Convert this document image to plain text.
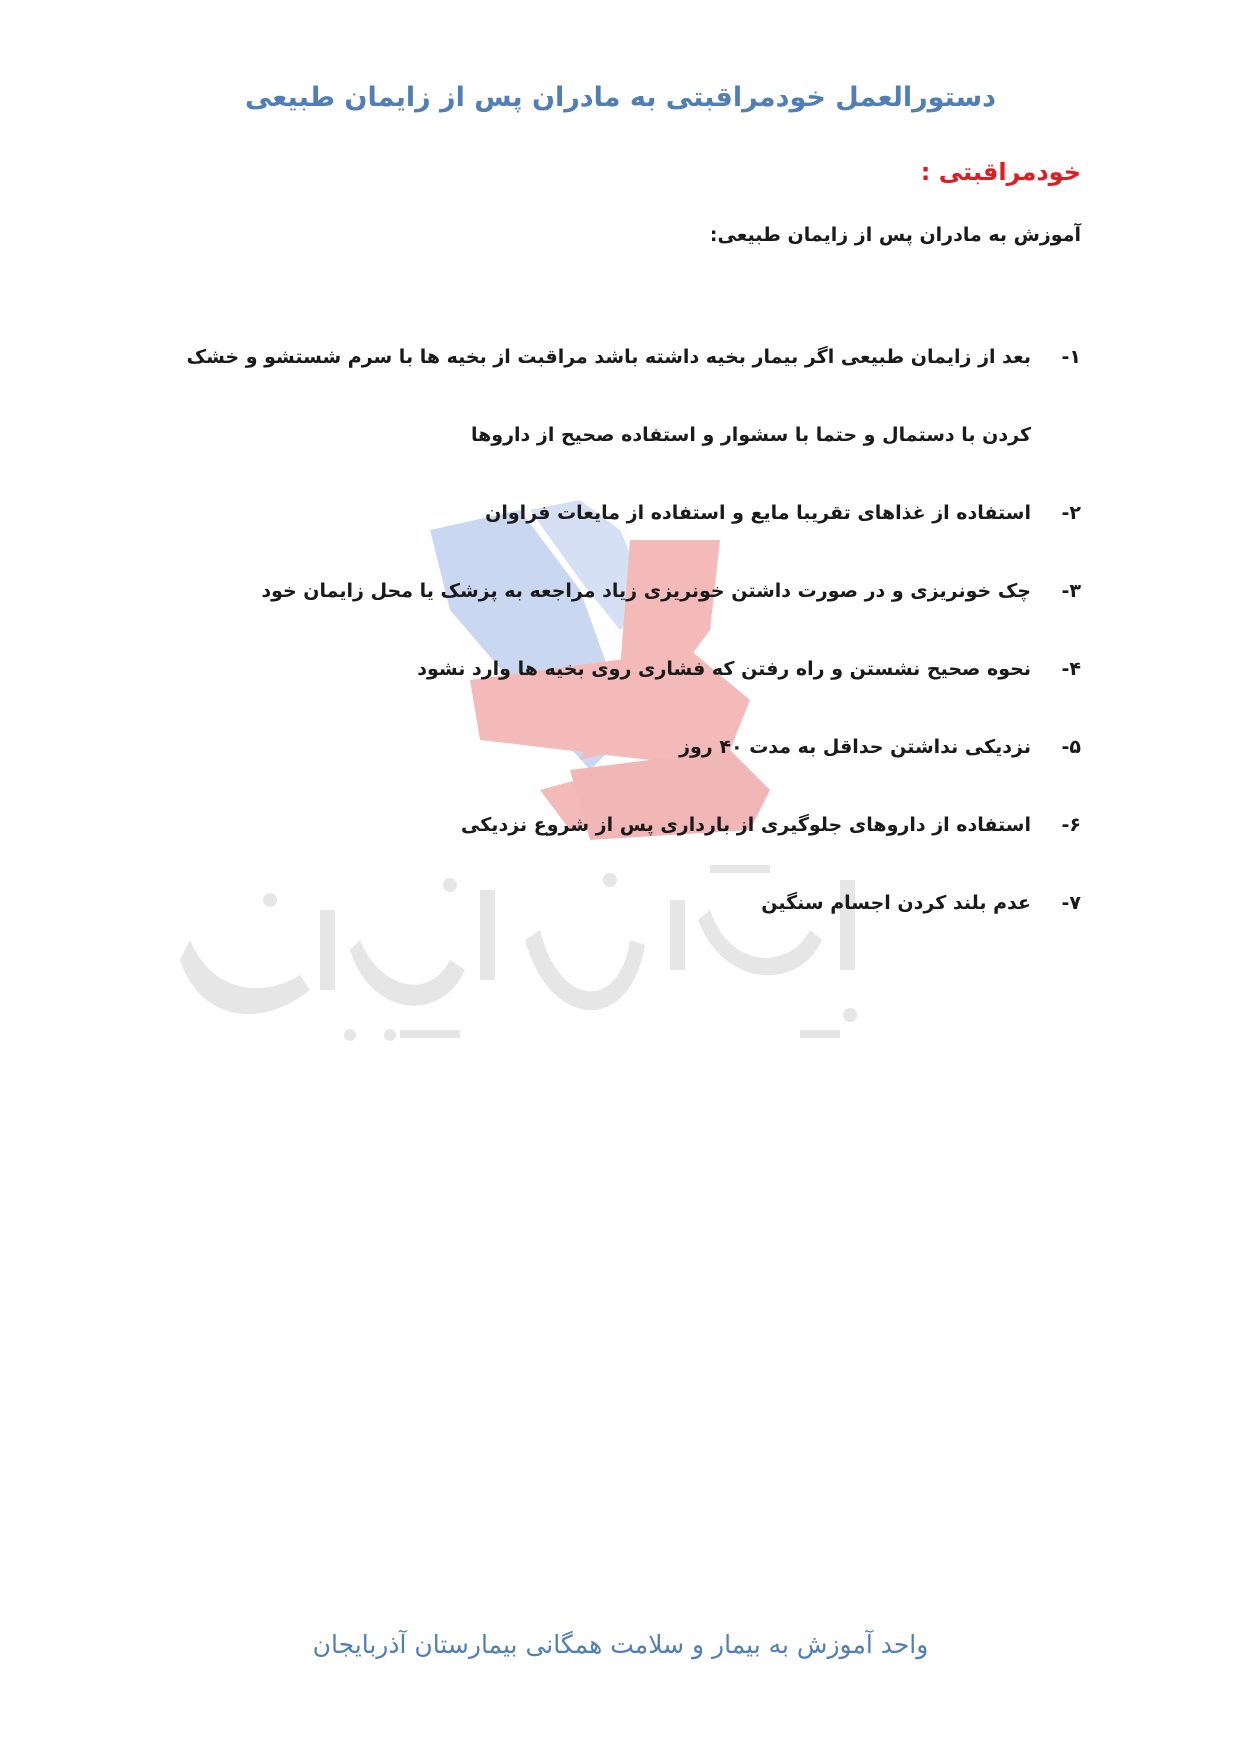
دستورالعمل خودمراقبتی به مادران پس از زایمان طبیعی
خودمراقبتی :
آموزش به مادران پس از زایمان طبیعی:
۱-
بعد از زایمان طبیعی اگر بیمار بخیه داشته باشد مراقبت از بخیه ها با سرم شستشو و خشک کردن با دستمال و حتما با سشوار و استفاده صحیح از داروها
۲-
استفاده از غذاهای تقریبا مایع و استفاده از مایعات فراوان
۳-
چک خونریزی و در صورت داشتن خونریزی زیاد مراجعه به پزشک یا محل زایمان خود
۴-
نحوه صحیح نشستن و راه رفتن که فشاری روی بخیه ها وارد نشود
۵-
نزدیکی نداشتن حداقل به مدت ۴۰ روز
۶-
استفاده از داروهای جلوگیری از بارداری پس از شروع نزدیکی
۷-
عدم بلند کردن اجسام سنگین
واحد آموزش به بیمار و سلامت همگانی بیمارستان آذربایجان
